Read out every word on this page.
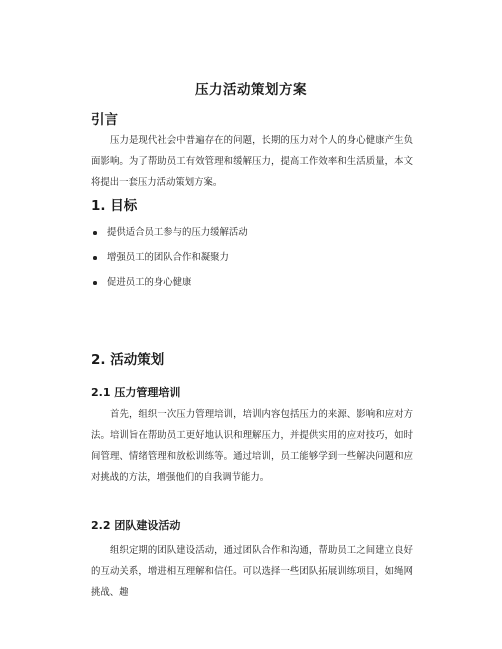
压力活动策划方案
引言
压力是现代社会中普遍存在的问题，长期的压力对个人的身心健康产生负面影响。为了帮助员工有效管理和缓解压力，提高工作效率和生活质量，本文将提出一套压力活动策划方案。
1. 目标
提供适合员工参与的压力缓解活动
增强员工的团队合作和凝聚力
促进员工的身心健康
2. 活动策划
2.1 压力管理培训
首先，组织一次压力管理培训，培训内容包括压力的来源、影响和应对方法。培训旨在帮助员工更好地认识和理解压力，并提供实用的应对技巧，如时间管理、情绪管理和放松训练等。通过培训，员工能够学到一些解决问题和应对挑战的方法，增强他们的自我调节能力。
2.2 团队建设活动
组织定期的团队建设活动，通过团队合作和沟通，帮助员工之间建立良好的互动关系，增进相互理解和信任。可以选择一些团队拓展训练项目，如绳网挑战、趣
